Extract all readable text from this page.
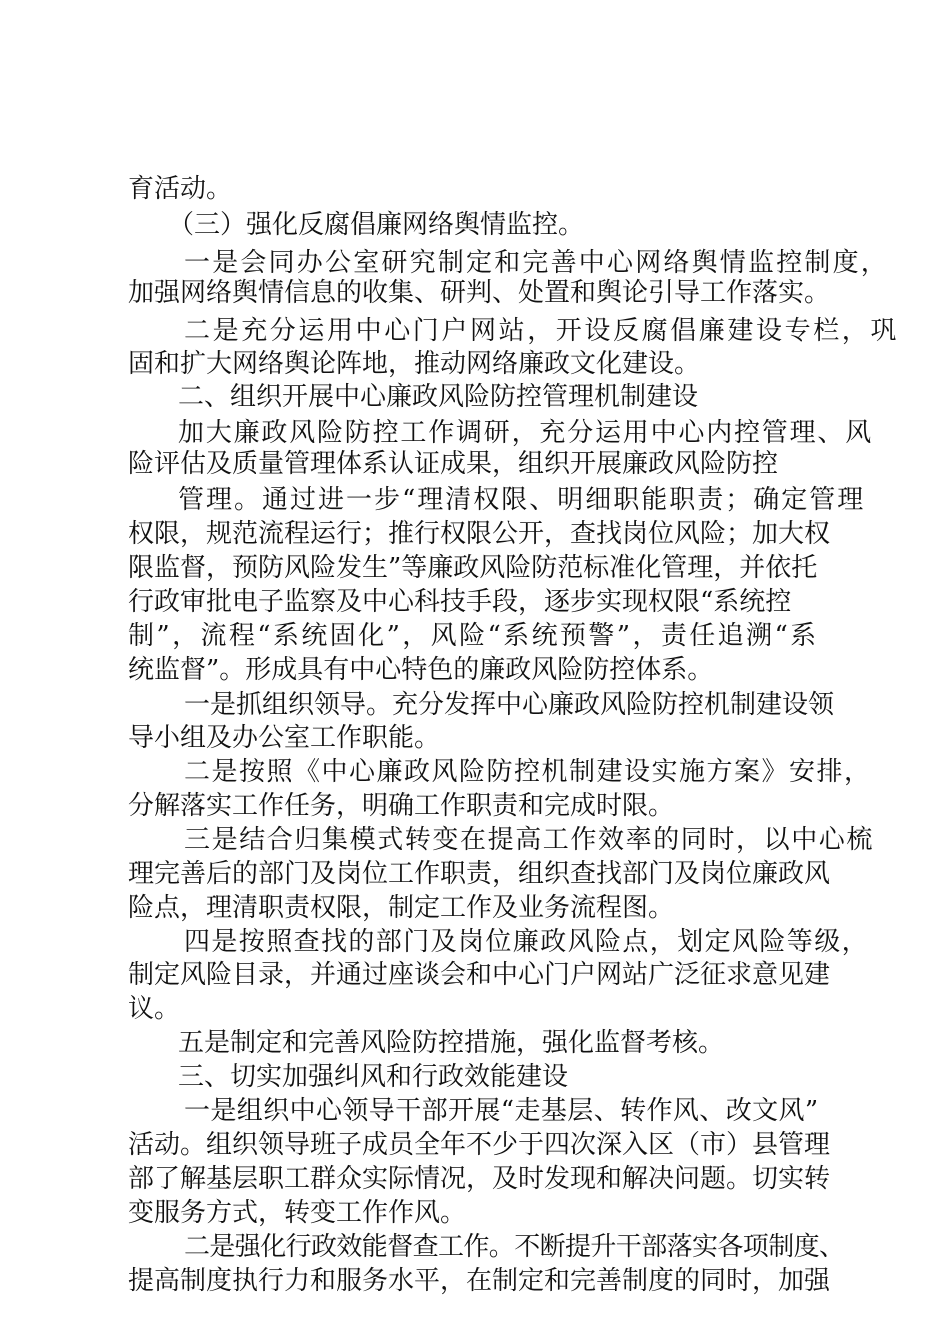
育活动。
（三）强化反腐倡廉网络舆情监控。
一是会同办公室研究制定和完善中心网络舆情监控制度，
加强网络舆情信息的收集、研判、处置和舆论引导工作落实。
二是充分运用中心门户网站，开设反腐倡廉建设专栏，巩
固和扩大网络舆论阵地，推动网络廉政文化建设。
二、组织开展中心廉政风险防控管理机制建设
加大廉政风险防控工作调研，充分运用中心内控管理、风
险评估及质量管理体系认证成果，组织开展廉政风险防控
管理。通过进一步“理清权限、明细职能职责；确定管理
权限，规范流程运行；推行权限公开，查找岗位风险；加大权
限监督，预防风险发生”等廉政风险防范标准化管理，并依托
行政审批电子监察及中心科技手段，逐步实现权限“系统控
制”，流程“系统固化”，风险“系统预警”，责任追溯“系
统监督”。形成具有中心特色的廉政风险防控体系。
一是抓组织领导。充分发挥中心廉政风险防控机制建设领
导小组及办公室工作职能。
二是按照《中心廉政风险防控机制建设实施方案》安排，
分解落实工作任务，明确工作职责和完成时限。
三是结合归集模式转变在提高工作效率的同时，以中心梳
理完善后的部门及岗位工作职责，组织查找部门及岗位廉政风
险点，理清职责权限，制定工作及业务流程图。
四是按照查找的部门及岗位廉政风险点，划定风险等级，
制定风险目录，并通过座谈会和中心门户网站广泛征求意见建
议。
五是制定和完善风险防控措施，强化监督考核。
三、切实加强纠风和行政效能建设
一是组织中心领导干部开展“走基层、转作风、改文风”
活动。组织领导班子成员全年不少于四次深入区（市）县管理
部了解基层职工群众实际情况，及时发现和解决问题。切实转
变服务方式，转变工作作风。
二是强化行政效能督查工作。不断提升干部落实各项制度、
提高制度执行力和服务水平，在制定和完善制度的同时，加强
